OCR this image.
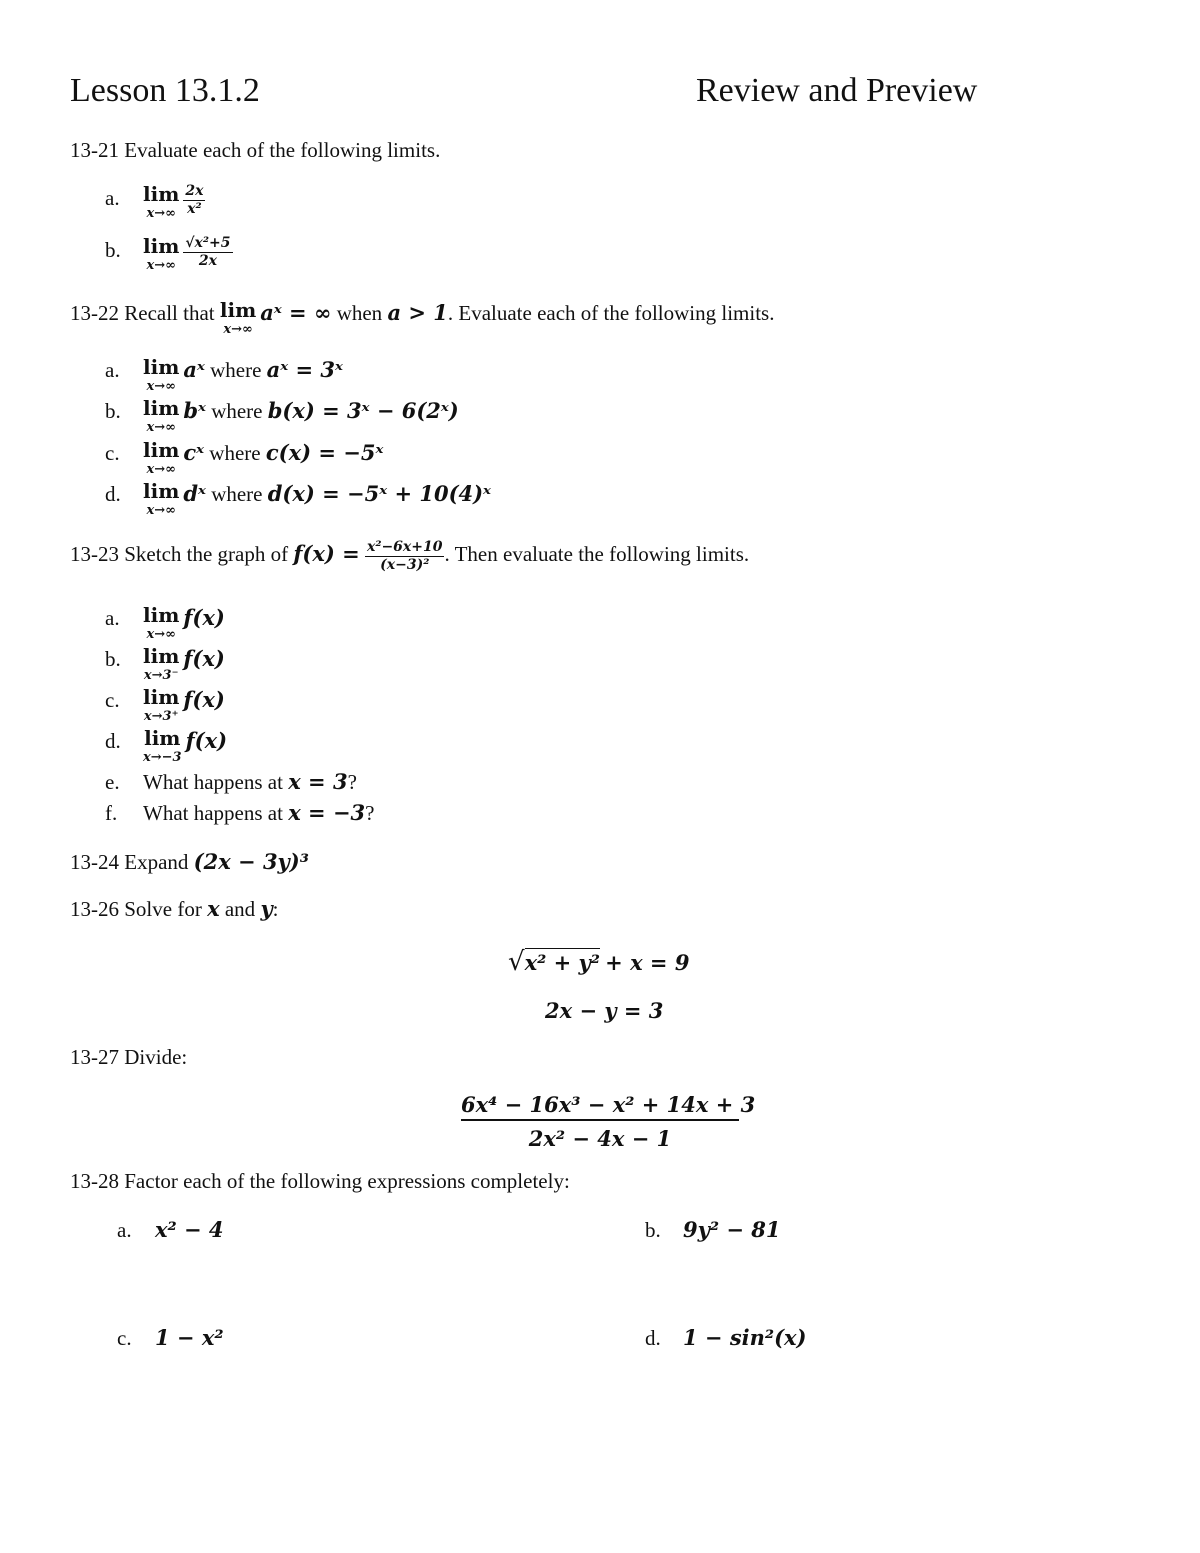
Lesson 13.1.2	Review and Preview
13-21 Evaluate each of the following limits.
a. lim
$x\to\infty \frac{2x}{\text{x²}}$
b. lim
$x\to\infty \frac{\text{√x²+5}}{2x}$
13-22 Recall that lim
x→∞
aˣ = ∞ when a > 1. Evaluate each of the following limits.
a. lim
x→∞
aˣ where aˣ = 3ˣ
b. lim
x→∞
bˣ where b(x) = 3ˣ − 6(2ˣ)
c. lim
x→∞
cˣ where c(x) = −5ˣ
d. lim
x→∞
dˣ where d(x) = −5ˣ + 10(4)ˣ
13-23 Sketch the graph of $f(x) = \frac{\text{x²−6x+10}}{\text{(x−3)²}}$ . Then evaluate the following limits.
a. lim
x→∞
f(x)
b. lim
x→3⁻
f(x)
c. lim
x→3⁺
f(x)
d. lim
x→−3
f(x)
e. What happens at x = 3?
f. What happens at x = −3?
13-24 Expand (2x − 3y)³
13-26 Solve for x and y:
√x² + y² + x = 9
2x − y = 3
13-27 Divide:
6x⁴ − 16x³ − x² + 14x + 3
2x² − 4x − 1
13-28 Factor each of the following expressions completely:
a. x² − 4	b. 9y² − 81
c. 1 − x²	d. 1 − sin²(x)
